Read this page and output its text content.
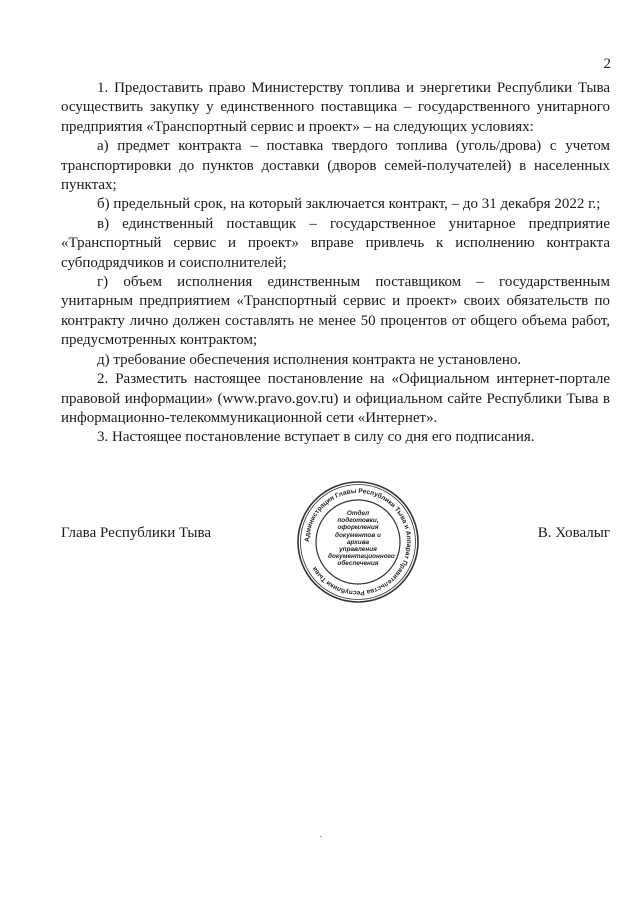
2

1. Предоставить право Министерству топлива и энергетики Республики Тыва осуществить закупку у единственного поставщика – государственного унитарного предприятия «Транспортный сервис и проект» – на следующих условиях:

а) предмет контракта – поставка твердого топлива (уголь/дрова) с учетом транспортировки до пунктов доставки (дворов семей-получателей) в населенных пунктах;

б) предельный срок, на который заключается контракт, – до 31 декабря 2022 г.;

в) единственный поставщик – государственное унитарное предприятие «Транспортный сервис и проект» вправе привлечь к исполнению контракта субподрядчиков и соисполнителей;

г) объем исполнения единственным поставщиком – государственным унитарным предприятием «Транспортный сервис и проект» своих обязательств по контракту лично должен составлять не менее 50 процентов от общего объема работ, предусмотренных контрактом;

д) требование обеспечения исполнения контракта не установлено.

2. Разместить настоящее постановление на «Официальном интернет-портале правовой информации» (www.pravo.gov.ru) и официальном сайте Республики Тыва в информационно-телекоммуникационной сети «Интернет».

3. Настоящее постановление вступает в силу со дня его подписания.

Глава Республики Тыва	В. Ховалыг
Администрация Главы Республики Тыва и Аппарат Правительства Республики Тыва
Отдел
подготовки,
оформления
документов и архива
управления
документационного
обеспечения
